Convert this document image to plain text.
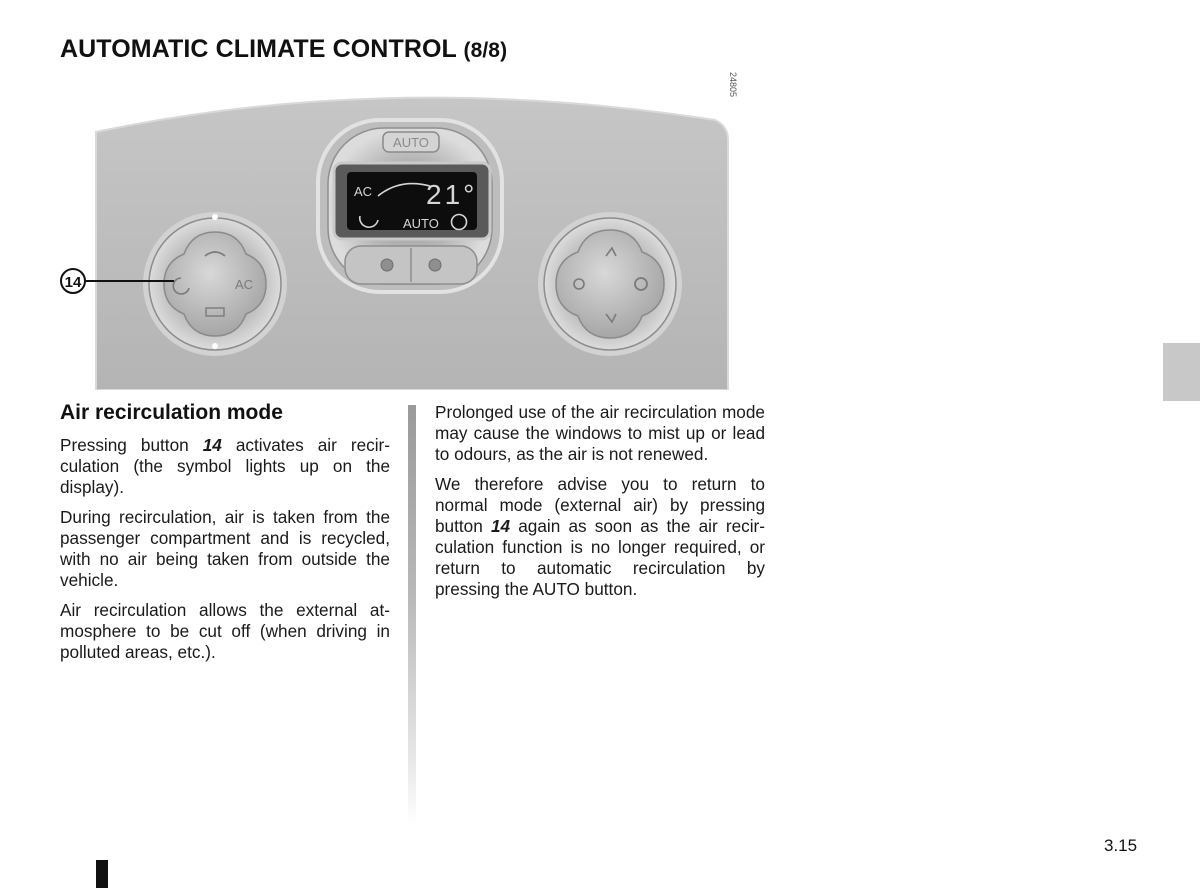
AUTOMATIC CLIMATE CONTROL (8/8)
AUTO
AC 21°
AUTO
AC
14
24805
Air recirculation mode

Pressing button 14 activates air recirculation (the symbol lights up on the display).

During recirculation, air is taken from the passenger compartment and is recycled, with no air being taken from outside the vehicle.

Air recirculation allows the external atmosphere to be cut off (when driving in polluted areas, etc.).

Prolonged use of the air recirculation mode may cause the windows to mist up or lead to odours, as the air is not renewed.

We therefore advise you to return to normal mode (external air) by pressing button 14 again as soon as the air recirculation function is no longer required, or return to automatic recirculation by pressing the AUTO button.

3.15
